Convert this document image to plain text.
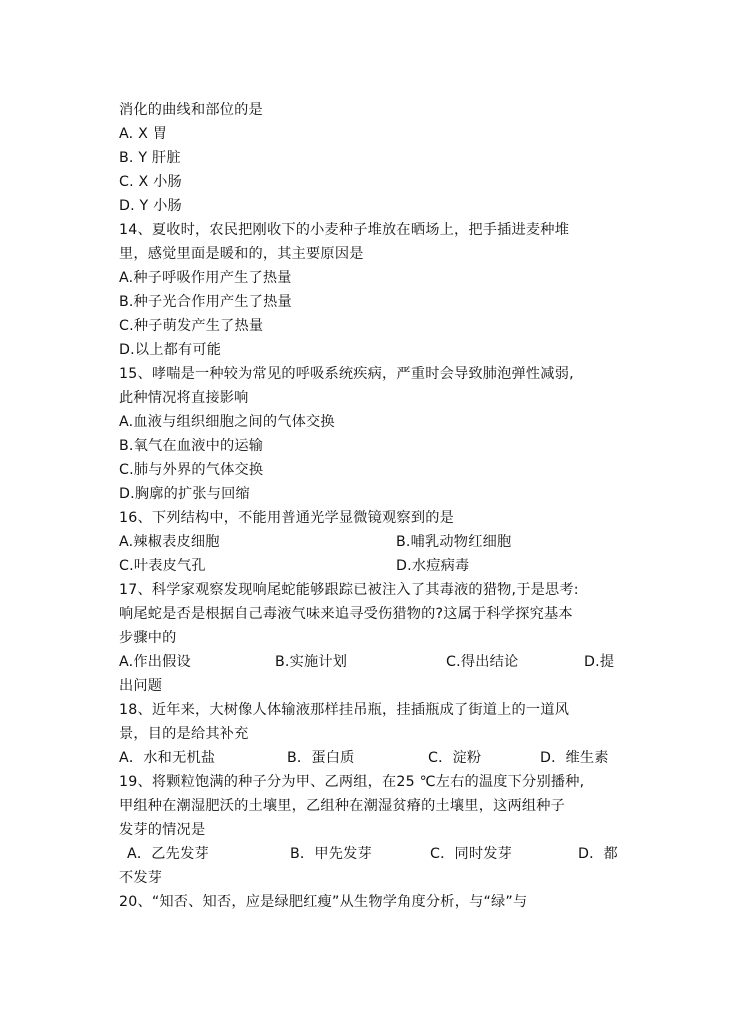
消化的曲线和部位的是
A. X 胃
B. Y 肝脏
C. X 小肠
D. Y 小肠
14、夏收时，农民把刚收下的小麦种子堆放在晒场上，把手插进麦种堆
里，感觉里面是暖和的，其主要原因是
A.种子呼吸作用产生了热量
B.种子光合作用产生了热量
C.种子萌发产生了热量
D.以上都有可能
15、哮喘是一种较为常见的呼吸系统疾病，严重时会导致肺泡弹性减弱,
此种情况将直接影响
A.血液与组织细胞之间的气体交换
B.氧气在血液中的运输
C.肺与外界的气体交换
D.胸廓的扩张与回缩
16、下列结构中，不能用普通光学显微镜观察到的是
A.辣椒表皮细胞	B.哺乳动物红细胞
C.叶表皮气孔	D.水痘病毒
17、科学家观察发现响尾蛇能够跟踪已被注入了其毒液的猎物,于是思考:
响尾蛇是否是根据自己毒液气味来追寻受伤猎物的?这属于科学探究基本
步骤中的
A.作出假设	B.实施计划	C.得出结论	D.提
出问题
18、近年来，大树像人体输液那样挂吊瓶，挂插瓶成了街道上的一道风
景，目的是给其补充
A．水和无机盐	B．蛋白质	C．淀粉	D．维生素
19、将颗粒饱满的种子分为甲、乙两组，在25 ℃左右的温度下分别播种,
甲组种在潮湿肥沃的土壤里，乙组种在潮湿贫瘠的土壤里，这两组种子
发芽的情况是
A．乙先发芽	B．甲先发芽	C．同时发芽	D．都
不发芽
20、“知否、知否，应是绿肥红瘦”从生物学角度分析，与“绿”与
